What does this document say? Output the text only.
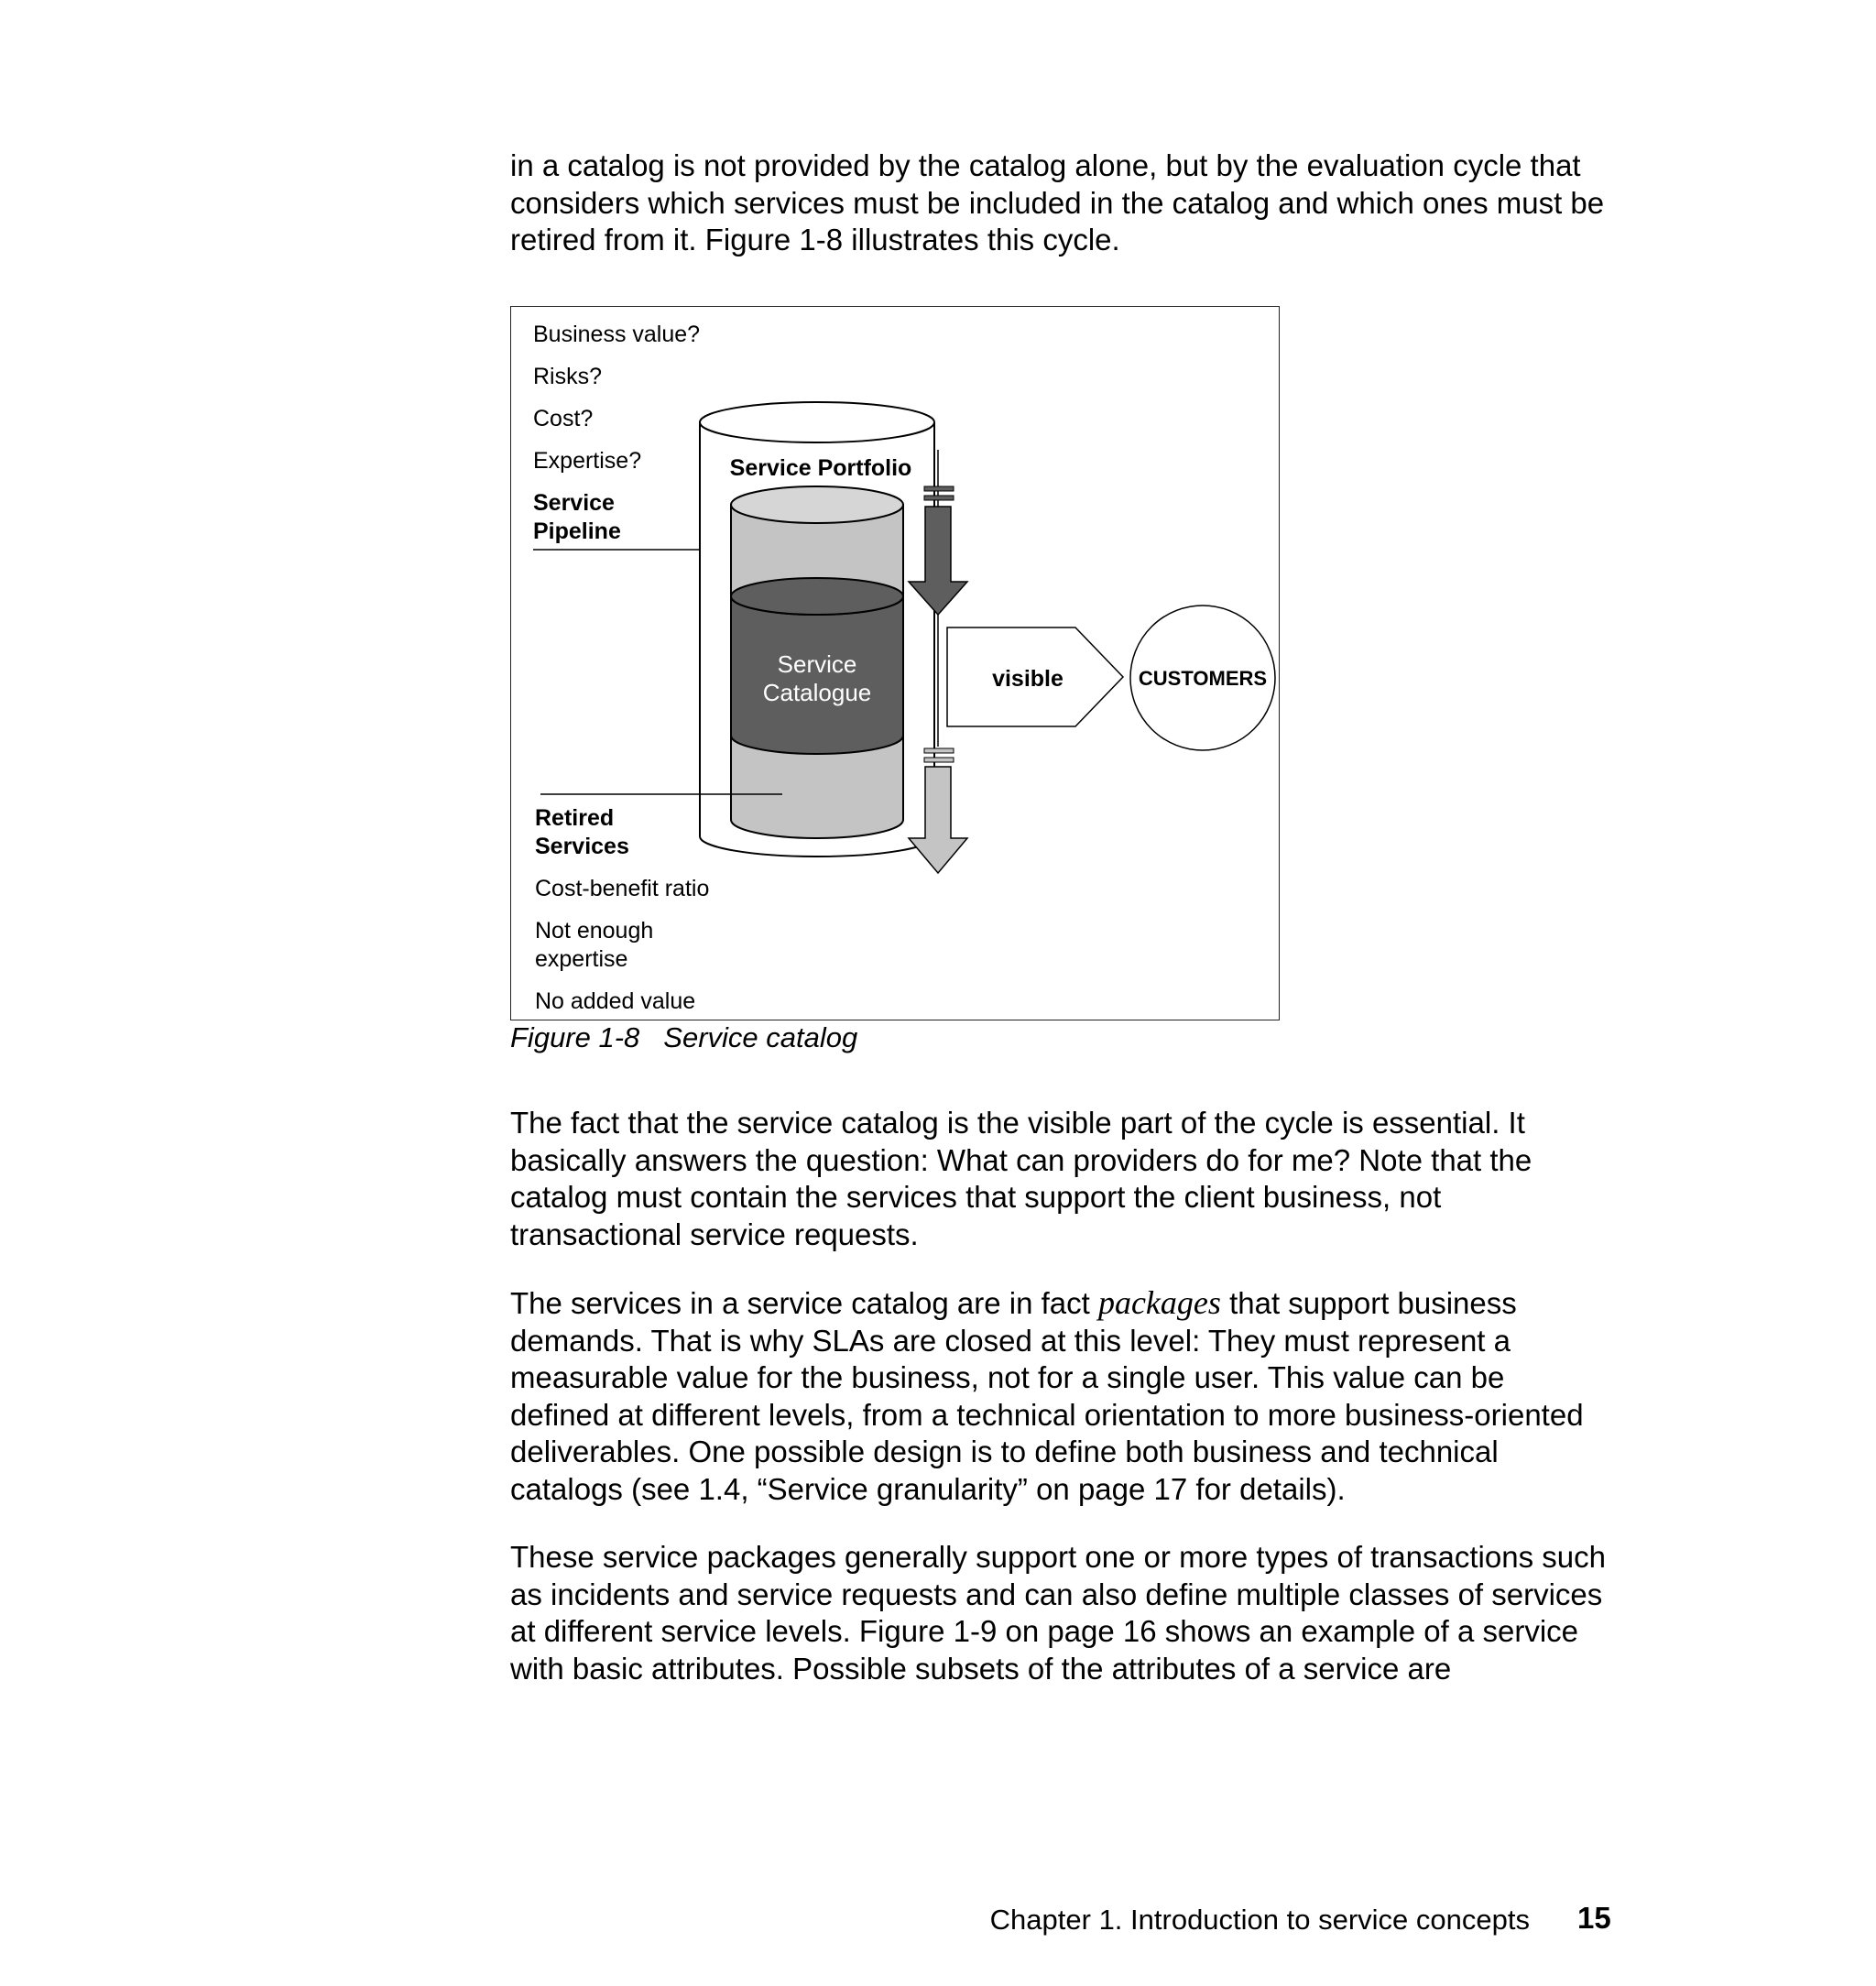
in a catalog is not provided by the catalog alone, but by the evaluation cycle that considers which services must be included in the catalog and which ones must be retired from it. Figure 1-8 illustrates this cycle.

Business value?
Risks?
Cost?
Expertise?
Service
Pipeline
Service Portfolio
Service
Catalogue	visible	CUSTOMERS
Retired
Services
Cost-benefit ratio
Not enough
expertise
No added value
Figure 1-8 Service catalog

The fact that the service catalog is the visible part of the cycle is essential. It basically answers the question: What can providers do for me? Note that the catalog must contain the services that support the client business, not transactional service requests.

The services in a service catalog are in fact packages that support business demands. That is why SLAs are closed at this level: They must represent a measurable value for the business, not for a single user. This value can be defined at different levels, from a technical orientation to more business-oriented deliverables. One possible design is to define both business and technical catalogs (see 1.4, “Service granularity” on page 17 for details).

These service packages generally support one or more types of transactions such as incidents and service requests and can also define multiple classes of services at different service levels. Figure 1-9 on page 16 shows an example of a service with basic attributes. Possible subsets of the attributes of a service are

Chapter 1. Introduction to service concepts 15
